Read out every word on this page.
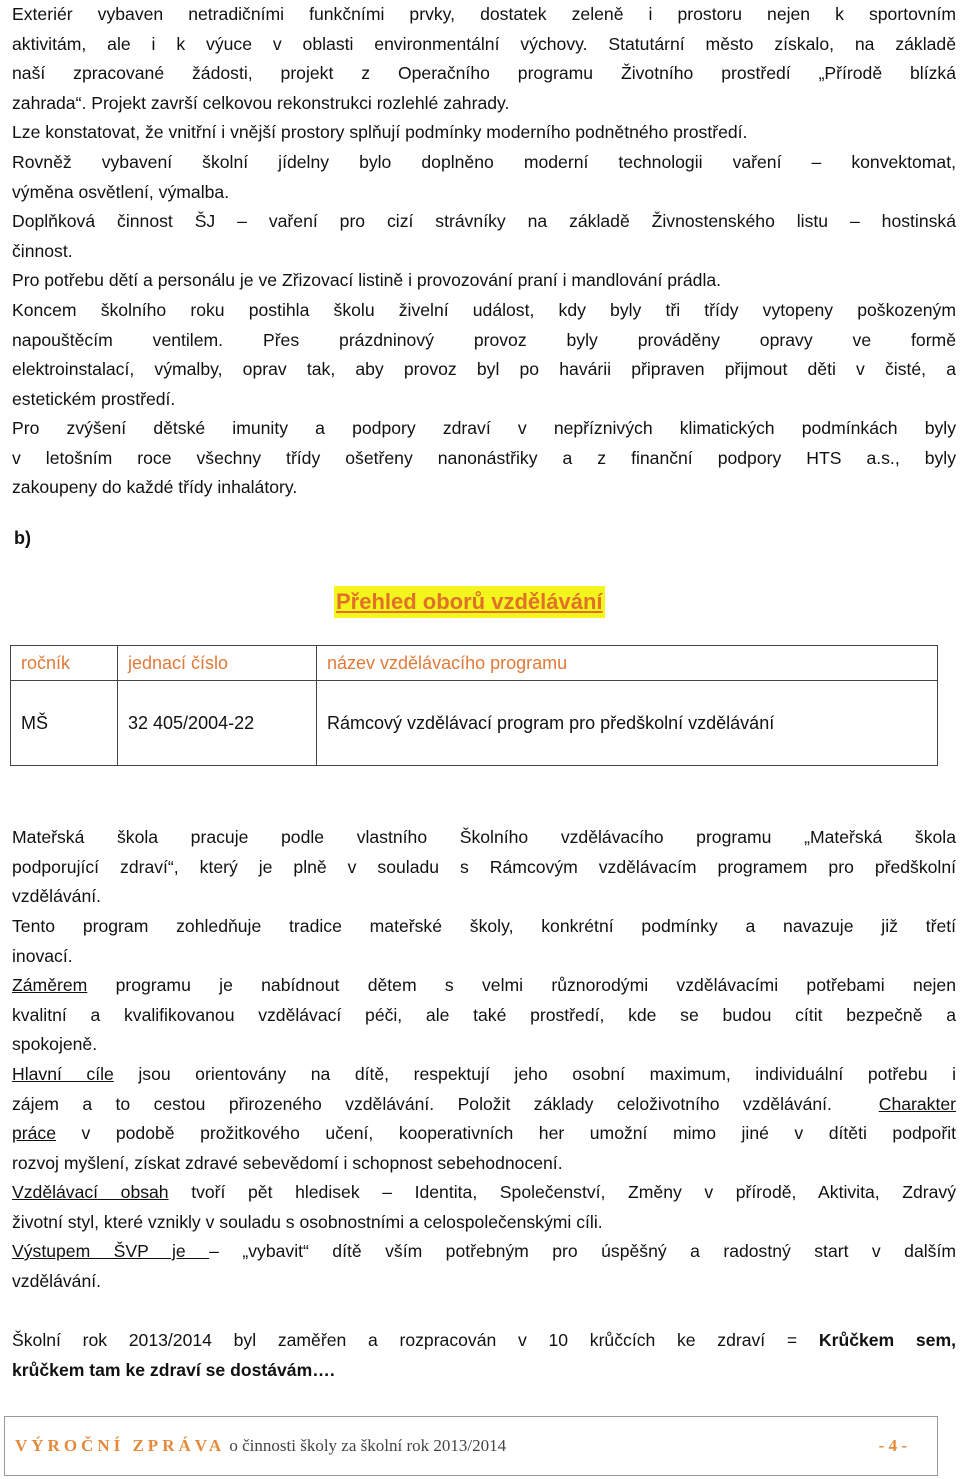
Exteriér vybaven netradičními funkčními prvky, dostatek zeleně i prostoru nejen k sportovním
aktivitám, ale i k výuce v oblasti environmentální výchovy. Statutární město získalo, na základě
naší zpracované žádosti, projekt z Operačního programu Životního prostředí „Přírodě blízká
zahrada“. Projekt završí celkovou rekonstrukci rozlehlé zahrady.
Lze konstatovat, že vnitřní i vnější prostory splňují podmínky moderního podnětného prostředí.
Rovněž vybavení školní jídelny bylo doplněno moderní technologii vaření – konvektomat,
výměna osvětlení, výmalba.
Doplňková činnost ŠJ – vaření pro cizí strávníky na základě Živnostenského listu – hostinská
činnost.
Pro potřebu dětí a personálu je ve Zřizovací listině i provozování praní i mandlování prádla.
Koncem školního roku postihla školu živelní událost, kdy byly tři třídy vytopeny poškozeným
napouštěcím ventilem. Přes prázdninový provoz byly prováděny opravy ve formě
elektroinstalací, výmalby, oprav tak, aby provoz byl po havárii připraven přijmout děti v čisté, a
estetickém prostředí.
Pro zvýšení dětské imunity a podpory zdraví v nepříznivých klimatických podmínkách byly
v letošním roce všechny třídy ošetřeny nanonástřiky a z finanční podpory HTS a.s., byly
zakoupeny do každé třídy inhalátory.
b)
Přehled oborů vzdělávání
ročník	jednací číslo	název vzdělávacího programu
MŠ	32 405/2004-22	Rámcový vzdělávací program pro předškolní vzdělávání
Mateřská škola pracuje podle vlastního Školního vzdělávacího programu „Mateřská škola
podporující zdraví“, který je plně v souladu s Rámcovým vzdělávacím programem pro předškolní
vzdělávání.
Tento program zohledňuje tradice mateřské školy, konkrétní podmínky a navazuje již třetí
inovací.
Záměrem programu je nabídnout dětem s velmi různorodými vzdělávacími potřebami nejen
kvalitní a kvalifikovanou vzdělávací péči, ale také prostředí, kde se budou cítit bezpečně a
spokojeně.
Hlavní cíle jsou orientovány na dítě, respektují jeho osobní maximum, individuální potřebu i
zájem a to cestou přirozeného vzdělávání. Položit základy celoživotního vzdělávání.  Charakter
práce v podobě prožitkového učení, kooperativních her umožní mimo jiné v dítěti podpořit
rozvoj myšlení, získat zdravé sebevědomí i schopnost sebehodnocení.
Vzdělávací obsah tvoří pět hledisek – Identita, Společenství, Změny v přírodě, Aktivita, Zdravý
životní styl, které vznikly v souladu s osobnostními a celospolečenskými cíli.
Výstupem ŠVP je – „vybavit“ dítě vším potřebným pro úspěšný a radostný start v dalším
vzdělávání.
Školní rok 2013/2014 byl zaměřen a rozpracován v 10 krůčcích ke zdraví = Krůčkem sem,
krůčkem tam ke zdraví se dostávám….
VÝROČNÍ ZPRÁVA o činnosti školy za školní rok 2013/2014	- 4 -
